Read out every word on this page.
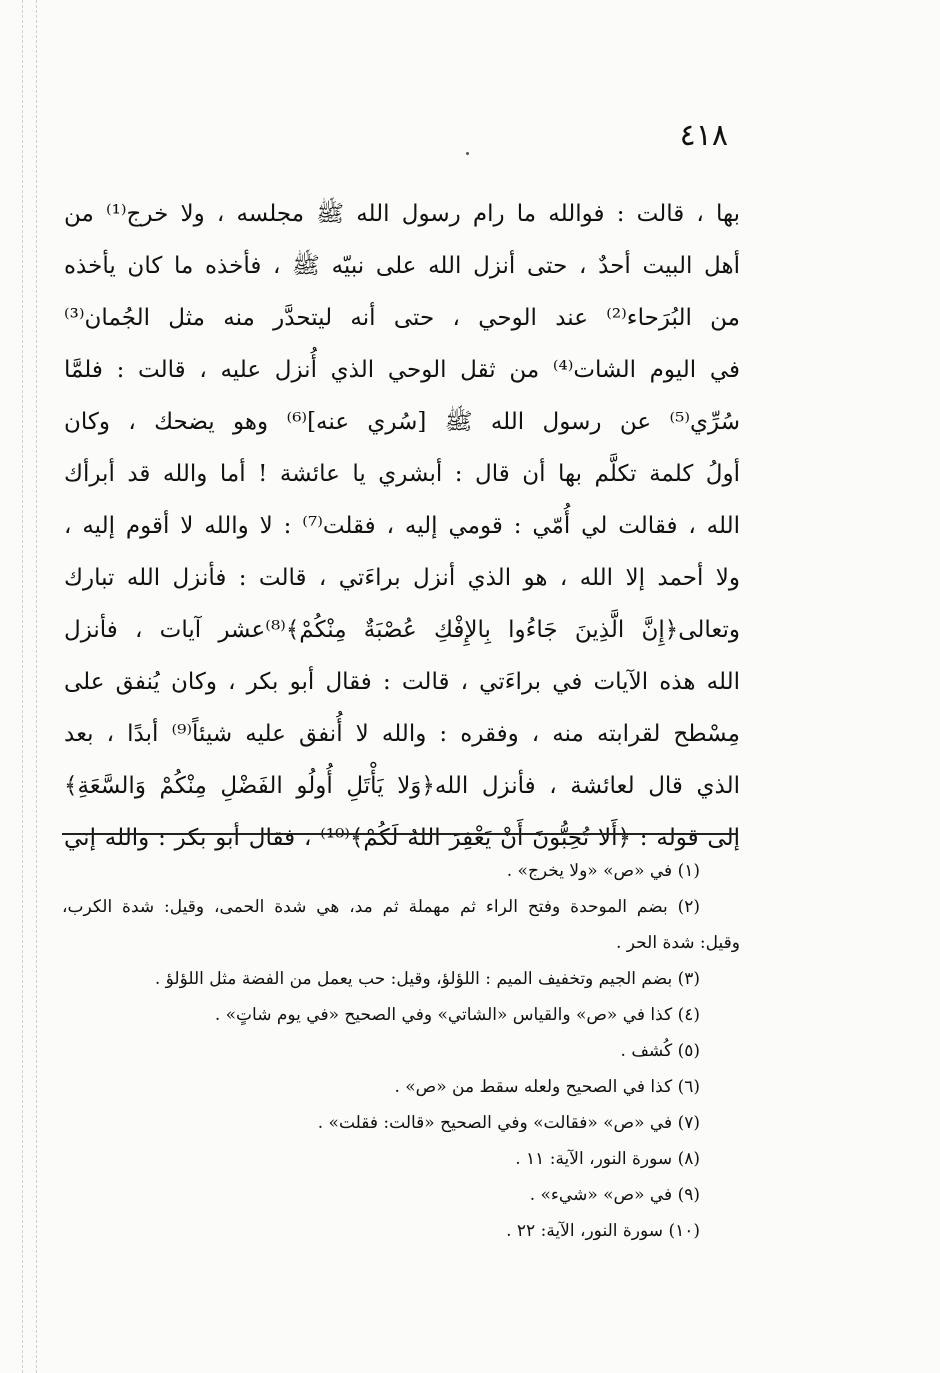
٤١٨
بها ، قالت : فوالله ما رام رسول الله ﷺ مجلسه ، ولا خرج⁽¹⁾ من
أهل البيت أحدٌ ، حتى أنزل الله على نبيّه ﷺ ، فأخذه ما كان يأخذه
من البُرَحاء⁽²⁾ عند الوحي ، حتى أنه ليتحدَّر منه مثل الجُمان⁽³⁾
في اليوم الشات⁽⁴⁾ من ثقل الوحي الذي أُنزل عليه ، قالت : فلمَّا
سُرِّي⁽⁵⁾ عن رسول الله ﷺ [سُري عنه]⁽⁶⁾ وهو يضحك ، وكان
أولُ كلمة تكلَّم بها أن قال : أبشري يا عائشة ! أما والله قد أبرأك
الله ، فقالت لي أُمّي : قومي إليه ، فقلت⁽⁷⁾ : لا والله لا أقوم إليه ،
ولا أحمد إلا الله ، هو الذي أنزل براءَتي ، قالت : فأنزل الله تبارك
وتعالى﴿إِنَّ الَّذِينَ جَاءُوا بِالإِفْكِ عُصْبَةٌ مِنْكُمْ﴾⁽⁸⁾عشر آيات ، فأنزل
الله هذه الآيات في براءَتي ، قالت : فقال أبو بكر ، وكان يُنفق على
مِسْطح لقرابته منه ، وفقره : والله لا أُنفق عليه شيئاً⁽⁹⁾ أبدًا ، بعد
الذي قال لعائشة ، فأنزل الله﴿وَلا يَأْتَلِ أُولُو الفَضْلِ مِنْكُمْ وَالسَّعَةِ﴾
إلى قوله : ﴿أَلا تُحِبُّونَ أَنْ يَغْفِرَ اللهُ لَكُمْ﴾⁽¹⁰⁾ ، فقال أبو بكر : والله إني
(١) في «ص» «ولا يخرج» .
(٢) بضم الموحدة وفتح الراء ثم مهملة ثم مد، هي شدة الحمى، وقيل: شدة الكرب،
وقيل: شدة الحر .
(٣) بضم الجيم وتخفيف الميم : اللؤلؤ، وقيل: حب يعمل من الفضة مثل اللؤلؤ .
(٤) كذا في «ص» والقياس «الشاتي» وفي الصحيح «في يوم شاتٍ» .
(٥) كُشف .
(٦) كذا في الصحيح ولعله سقط من «ص» .
(٧) في «ص» «فقالت» وفي الصحيح «قالت: فقلت» .
(٨) سورة النور، الآية: ١١ .
(٩) في «ص» «شيء» .
(١٠) سورة النور، الآية: ٢٢ .
